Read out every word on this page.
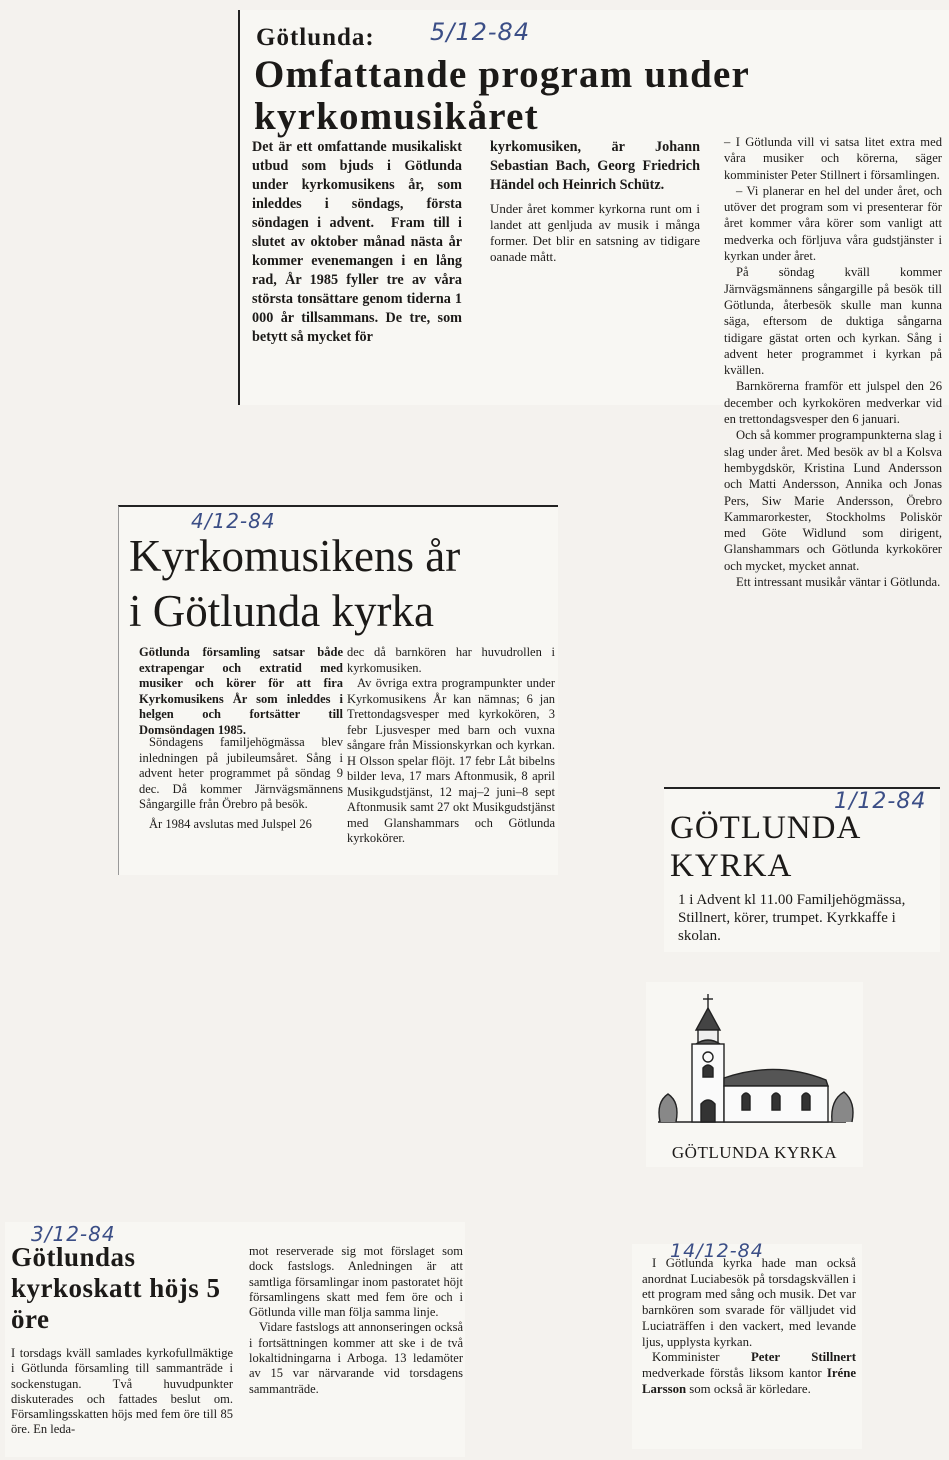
5/12-84
Götlunda:
Omfattande program under kyrkomusikåret

Det är ett omfattande musikaliskt utbud som bjuds i Götlunda under kyrkomusikens år, som inleddes i söndags, första söndagen i advent.  Fram till i slutet av oktober månad nästa år kommer evenemangen i en lång rad, År 1985 fyller tre av våra största tonsättare genom tiderna 1 000 år tillsammans. De tre, som betytt så mycket för

kyrkomusiken, är Johann Sebastian Bach, Georg Friedrich Händel och Heinrich Schütz.

Under året kommer kyrkorna runt om i landet att genljuda av musik i många former. Det blir en satsning av tidigare oanade mått.

– I Götlunda vill vi satsa litet extra med våra musiker och körerna, säger komminister Peter Stillnert i församlingen.

– Vi planerar en hel del under året, och utöver det program som vi presenterar för året kommer våra körer som vanligt att medverka och förljuva våra gudstjänster i kyrkan under året.

På söndag kväll kommer Järnvägsmännens sångargille på besök till Götlunda, återbesök skulle man kunna säga, eftersom de duktiga sångarna tidigare gästat orten och kyrkan. Sång i advent heter programmet i kyrkan på kvällen.

Barnkörerna framför ett julspel den 26 december och kyrkokören medverkar vid en trettondagsvesper den 6 januari.

Och så kommer programpunkterna slag i slag under året. Med besök av bl a Kolsva hembygdskör, Kristina Lund Andersson och Matti Andersson, Annika och Jonas Pers, Siw Marie Andersson, Örebro Kammarorkester, Stockholms Poliskör med Göte Widlund som dirigent, Glanshammars och Götlunda kyrkokörer och mycket, mycket annat.

Ett intressant musikår väntar i Götlunda.

4/12-84
Kyrkomusikens år
i Götlunda kyrka

Götlunda församling satsar både extrapengar och extratid med musiker och körer för att fira Kyrkomusikens År som inleddes i helgen och fortsätter till Domsöndagen 1985.

Söndagens familjehögmässa blev inledningen på jubileumsåret. Sång i advent heter programmet på söndag 9 dec. Då kommer Järnvägsmännens Sångargille från Örebro på besök.

År 1984 avslutas med Julspel 26

dec då barnkören har huvudrollen i kyrkomusiken.

Av övriga extra programpunkter under Kyrkomusikens År kan nämnas; 6 jan Trettondagsvesper med kyrkokören, 3 febr Ljusvesper med barn och vuxna sångare från Missionskyrkan och kyrkan. H Olsson spelar flöjt. 17 febr Låt bibelns bilder leva, 17 mars Aftonmusik, 8 april Musikgudstjänst, 12 maj–2 juni–8 sept Aftonmusik samt 27 okt Musikgudstjänst med Glanshammars och Götlunda kyrkokörer.

1/12-84
GÖTLUNDA
KYRKA

1 i Advent kl 11.00 Familjehögmässa, Stillnert, körer, trumpet. Kyrkkaffe i skolan.

GÖTLUNDA KYRKA
3/12-84
Götlundas kyrkoskatt höjs 5 öre

I torsdags kväll samlades kyrkofullmäktige i Götlunda församling till sammanträde i sockenstugan. Två huvudpunkter diskuterades och fattades beslut om. Församlingsskatten höjs med fem öre till 85 öre. En leda-

mot reserverade sig mot förslaget som dock fastslogs. Anledningen är att samtliga församlingar inom pastoratet höjt församlingens skatt med fem öre och i Götlunda ville man följa samma linje.

Vidare fastslogs att annonseringen också i fortsättningen kommer att ske i de två lokaltidningarna i Arboga. 13 ledamöter av 15 var närvarande vid torsdagens sammanträde.

14/12-84

I Götlunda kyrka hade man också anordnat Luciabesök på torsdagskvällen i ett program med sång och musik. Det var barnkören som svarade för välljudet vid Luciaträffen i den vackert, med levande ljus, upplysta kyrkan.

Komminister Peter Stillnert medverkade förstås liksom kantor Iréne Larsson som också är körledare.
